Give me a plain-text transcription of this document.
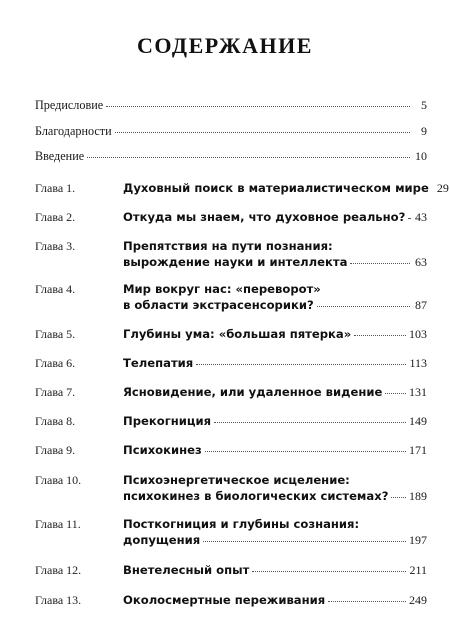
СОДЕРЖАНИЕ
Предисловие	5
Благодарности	9
Введение	10
Глава 1.	Духовный поиск в материалистическом мире 29
Глава 2.	Откуда мы знаем, что духовное реально? 43
Глава 3.	Препятствия на пути познания:
вырождение науки и интеллекта	63
Глава 4.	Мир вокруг нас: «переворот»
в области экстрасенсорики?	87
Глава 5.	Глубины ума: «большая пятерка»	103
Глава 6.	Телепатия	113
Глава 7.	Ясновидение, или удаленное видение 131
Глава 8.	Прекогниция	149
Глава 9.	Психокинез	171
Глава 10.	Психоэнергетическое исцеление:
психокинез в биологических системах? 189
Глава 11.	Посткогниция и глубины сознания:
допущения	197
Глава 12.	Внетелесный опыт	211
Глава 13.	Околосмертные переживания	249
